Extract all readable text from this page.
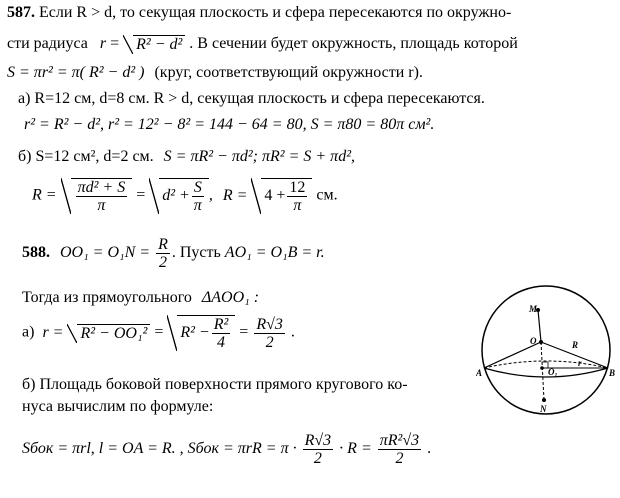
587. Если R > d, то секущая плоскость и сфера пересекаются по окружно-
сти радиуса r = R² − d² . В сечении будет окружность, площадь которой
S = πr² = π( R² − d² ) (круг, соответствующий окружности r).
а) R=12 см, d=8 см. R > d, секущая плоскость и сфера пересекаются.
r² = R² − d², r² = 12² − 8² = 144 − 64 = 80, S = π80 = 80π см².
б) S=12 см², d=2 см. S = πR² − πd²; πR² = S + πd²,
$R = \frac{\text{πd² + S}}{\pi} = d^2 + \frac{S}{\pi}$ , $R = 4 + \frac{12}{\pi}$ см.
588. $OO_1 = O_1N = \frac{R}{2}$ . Пусть AO₁ = O₁B = r.
Тогда из прямоугольного ΔAOO₁ :
а) $r = R^2 - OO_1^2 = R^2 - \frac{\text{R²}}{4} = \frac{R√3}{2}$ .
б) Площадь боковой поверхности прямого кругового ко-
нуса вычислим по формуле:
Sбок = πrl, l = OA = R. , Sбок = $\pi rR = \pi \cdot \frac{R√3}{2} \cdot R = \frac{\text{πR²√3}}{2}$ .
M
O	R
O₁
r
A	B
N
